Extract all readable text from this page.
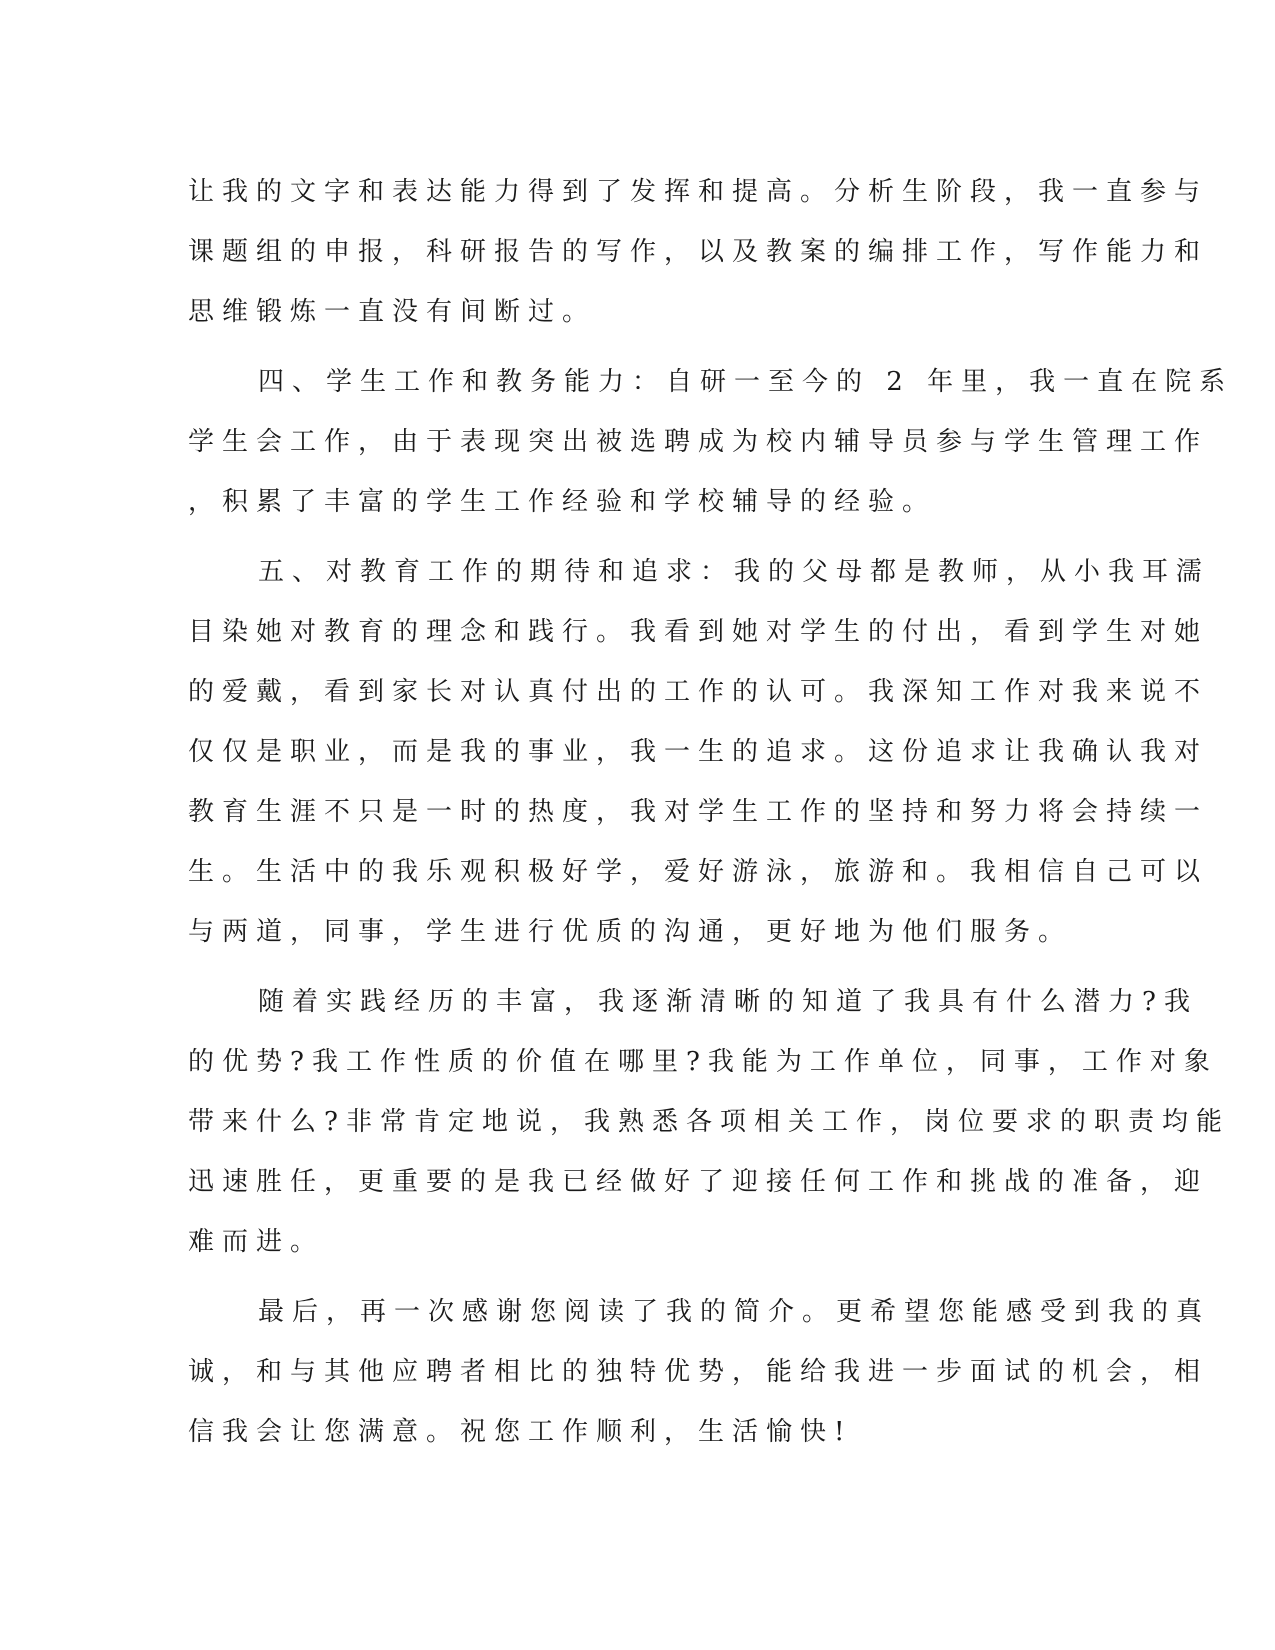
让我的文字和表达能力得到了发挥和提高。分析生阶段，我一直参与
课题组的申报，科研报告的写作，以及教案的编排工作，写作能力和
思维锻炼一直没有间断过。
四、学生工作和教务能力：自研一至今的 2 年里，我一直在院系
学生会工作，由于表现突出被选聘成为校内辅导员参与学生管理工作
，积累了丰富的学生工作经验和学校辅导的经验。
五、对教育工作的期待和追求：我的父母都是教师，从小我耳濡
目染她对教育的理念和践行。我看到她对学生的付出，看到学生对她
的爱戴，看到家长对认真付出的工作的认可。我深知工作对我来说不
仅仅是职业，而是我的事业，我一生的追求。这份追求让我确认我对
教育生涯不只是一时的热度，我对学生工作的坚持和努力将会持续一
生。生活中的我乐观积极好学，爱好游泳，旅游和。我相信自己可以
与两道，同事，学生进行优质的沟通，更好地为他们服务。
随着实践经历的丰富，我逐渐清晰的知道了我具有什么潜力?我
的优势?我工作性质的价值在哪里?我能为工作单位，同事，工作对象
带来什么?非常肯定地说，我熟悉各项相关工作，岗位要求的职责均能
迅速胜任，更重要的是我已经做好了迎接任何工作和挑战的准备，迎
难而进。
最后，再一次感谢您阅读了我的简介。更希望您能感受到我的真
诚，和与其他应聘者相比的独特优势，能给我进一步面试的机会，相
信我会让您满意。祝您工作顺利，生活愉快!
